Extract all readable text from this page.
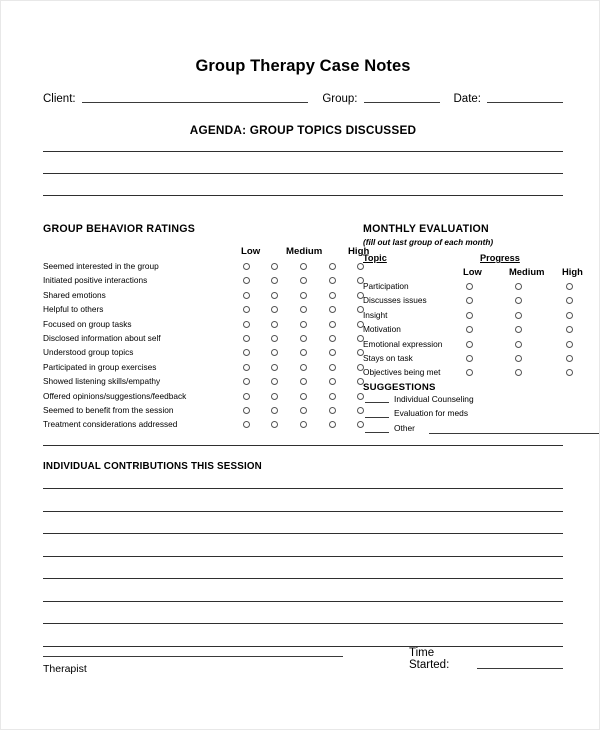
Group Therapy Case Notes
Client:	Group:	Date:
AGENDA: GROUP TOPICS DISCUSSED
GROUP BEHAVIOR RATINGS
Low	Medium	High
Seemed interested in the group
Initiated positive interactions
Shared emotions
Helpful to others
Focused on group tasks
Disclosed information about self
Understood group topics
Participated in group exercises
Showed listening skills/empathy
Offered opinions/suggestions/feedback
Seemed to benefit from the session
Treatment considerations addressed
MONTHLY EVALUATION
(fill out last group of each month)
Topic	Progress
Low	Medium High
Participation
Discusses issues
Insight
Motivation
Emotional expression
Stays on task
Objectives being met
SUGGESTIONS
Individual Counseling
Evaluation for meds
Other
INDIVIDUAL CONTRIBUTIONS THIS SESSION
Therapist
Time Started:
